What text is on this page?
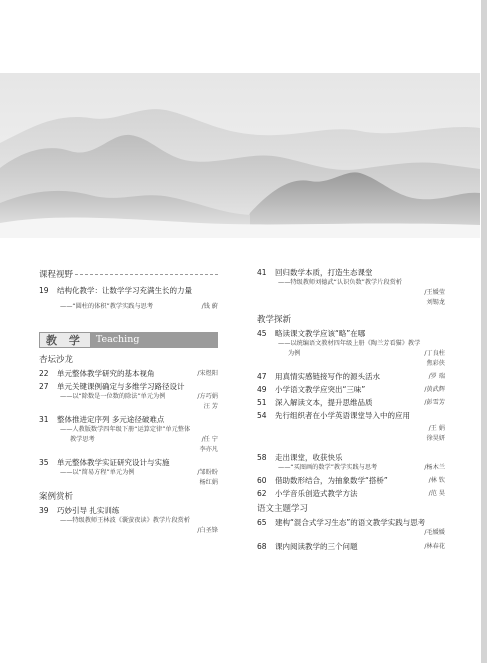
课程视野
19	结构化教学：让数学学习充满生长的力量
——“圆柱的体积”教学实践与思考	/钱 蔚
教 学	Teaching
杏坛沙龙
22	单元整体教学研究的基本视角	/宋煜阳
27	单元关键课例确定与多维学习路径设计
——以“除数是一位数的除法”单元为例	/方巧娟
汪 芳
31	整体推进定序列 多元途径破难点
——人教版数学四年级下册“运算定律”单元整体
教学思考	/任 宁
李亦凡
35	单元整体教学实证研究设计与实施
——以“简易方程”单元为例	/邹盼盼
杨红娟
案例赏析
39	巧妙引导 扎实训练
——特级教师王林波《囊萤夜读》教学片段赏析
/白圣锋
41	回归数学本质，打造生态课堂
——特级教师刘德武“认识负数”教学片段赏析
/王媛莹
刘锡龙
教学探新
45	略读课文教学应该“略”在哪
——以统编语文教材四年级上册《陶兰芳看猫》教学
为例	/丁良柱
焦彩侠
47	用真情实感链接写作的源头活水	/罗 瑞
49	小学语文教学应突出“三味”	/黄武辉
51	深入解读文本，提升思维品质	/彭雪芳
54	先行组织者在小学英语课堂导入中的应用
/王 娟
徐昊妍
58	走出课堂，收获快乐
——“买图画的数学”教学实践与思考	/杨木兰
60	借助数形结合，为抽象数学“搭桥”	/林 钦
62	小学音乐创造式教学方法	/范 昊
语文主题学习
65	建构“混合式学习生态”的语文教学实践与思考
/毛媛媛
68	课内阅读教学的三个问题	/林春花
